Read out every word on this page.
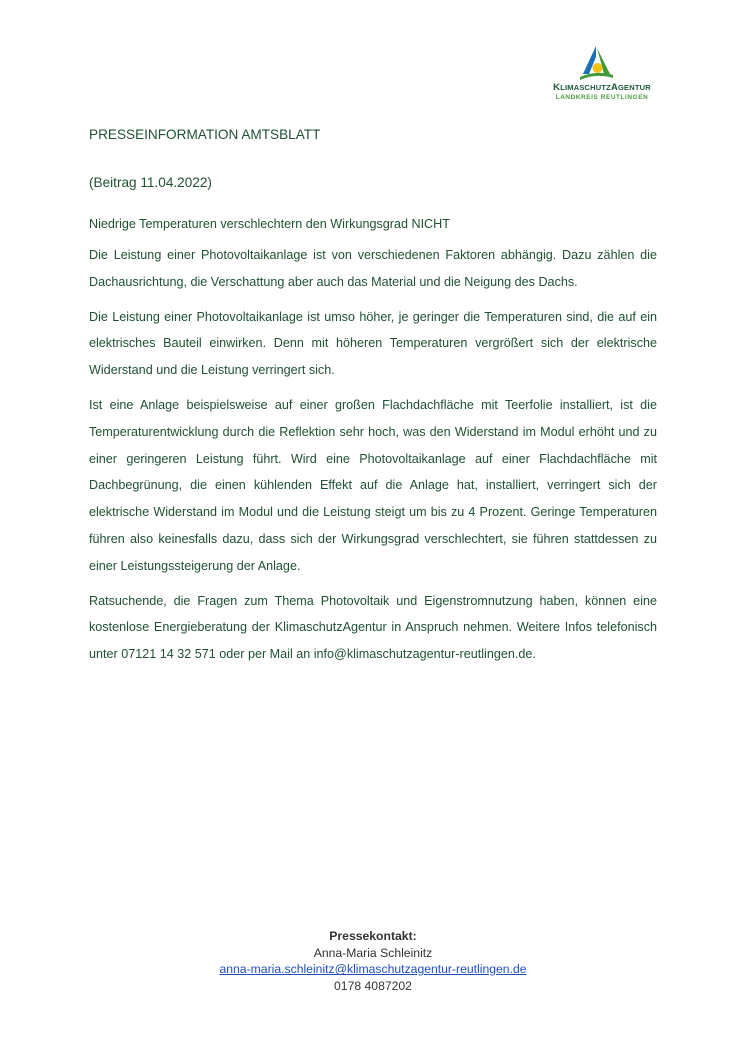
KLIMASCHUTZAGENTUR
LANDKREIS REUTLINGEN

PRESSEINFORMATION AMTSBLATT

(Beitrag 11.04.2022)

Niedrige Temperaturen verschlechtern den Wirkungsgrad NICHT

Die Leistung einer Photovoltaikanlage ist von verschiedenen Faktoren abhängig. Dazu zählen die Dachausrichtung, die Verschattung aber auch das Material und die Neigung des Dachs.

Die Leistung einer Photovoltaikanlage ist umso höher, je geringer die Temperaturen sind, die auf ein elektrisches Bauteil einwirken. Denn mit höheren Temperaturen vergrößert sich der elektrische Widerstand und die Leistung verringert sich.

Ist eine Anlage beispielsweise auf einer großen Flachdachfläche mit Teerfolie installiert, ist die Temperaturentwicklung durch die Reflektion sehr hoch, was den Widerstand im Modul erhöht und zu einer geringeren Leistung führt. Wird eine Photovoltaikanlage auf einer Flachdachfläche mit Dachbegrünung, die einen kühlenden Effekt auf die Anlage hat, installiert, verringert sich der elektrische Widerstand im Modul und die Leistung steigt um bis zu 4 Prozent. Geringe Temperaturen führen also keinesfalls dazu, dass sich der Wirkungsgrad verschlechtert, sie führen stattdessen zu einer Leistungssteigerung der Anlage.

Ratsuchende, die Fragen zum Thema Photovoltaik und Eigenstromnutzung haben, können eine kostenlose Energieberatung der KlimaschutzAgentur in Anspruch nehmen. Weitere Infos telefonisch unter 07121 14 32 571 oder per Mail an info@klimaschutzagentur-reutlingen.de.

Pressekontakt:
Anna-Maria Schleinitz
anna-maria.schleinitz@klimaschutzagentur-reutlingen.de
0178 4087202
